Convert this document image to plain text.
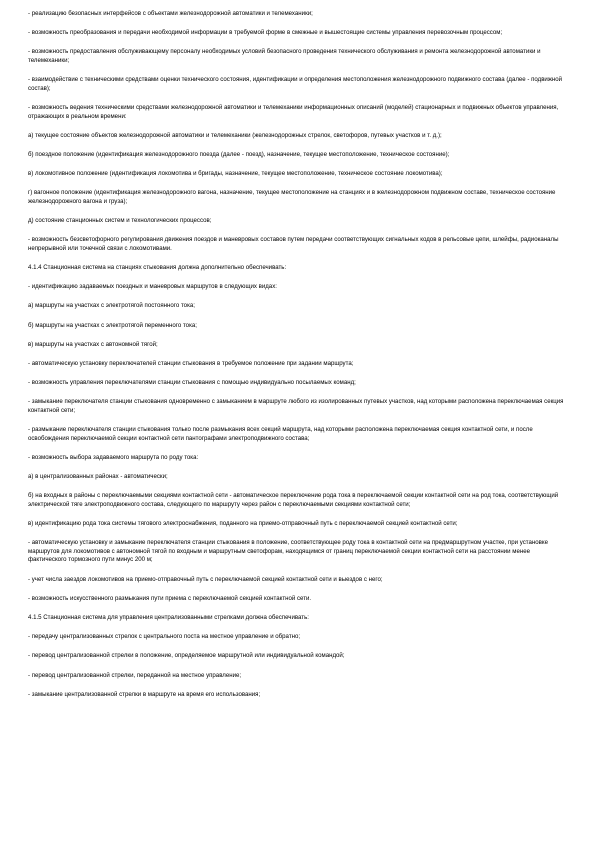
- реализацию безопасных интерфейсов с объектами железнодорожной автоматики и телемеханики;

- возможность преобразования и передачи необходимой информации в требуемой форме в смежные и вышестоящие системы управления перевозочным процессом;

- возможность предоставления обслуживающему персоналу необходимых условий безопасного проведения технического обслуживания и ремонта железнодорожной автоматики и телемеханики;

- взаимодействие с техническими средствами оценки технического состояния, идентификации и определения местоположения железнодорожного подвижного состава (далее - подвижной состав);

- возможность ведения техническими средствами железнодорожной автоматики и телемеханики информационных описаний (моделей) стационарных и подвижных объектов управления, отражающих в реальном времени:

а) текущее состояние объектов железнодорожной автоматики и телемеханики (железнодорожных стрелок, светофоров, путевых участков и т. д.);

б) поездное положение (идентификация железнодорожного поезда (далее - поезд), назначение, текущее местоположение, техническое состояние);

в) локомотивное положение (идентификация локомотива и бригады, назначение, текущее местоположение, техническое состояние локомотива);

г) вагонное положение (идентификация железнодорожного вагона, назначение, текущее местоположение на станциях и в железнодорожном подвижном составе, техническое состояние железнодорожного вагона и груза);

д) состояние станционных систем и технологических процессов;

- возможность безсветофорного регулирования движения поездов и маневровых составов путем передачи соответствующих сигнальных кодов в рельсовые цепи, шлейфы, радиоканалы непрерывной или точечной связи с локомотивами.

4.1.4 Станционная система на станциях стыкования должна дополнительно обеспечивать:

- идентификацию задаваемых поездных и маневровых маршрутов в следующих видах:

а) маршруты на участках с электротягой постоянного тока;

б) маршруты на участках с электротягой переменного тока;

в) маршруты на участках с автономной тягой;

- автоматическую установку переключателей станции стыкования в требуемое положение при задании маршрута;

- возможность управления переключателями станции стыкования с помощью индивидуально посылаемых команд;

- замыкание переключателя станции стыкования одновременно с замыканием в маршруте любого из изолированных путевых участков, над которыми расположена переключаемая секция контактной сети;

- размыкание переключателя станции стыкования только после размыкания всех секций маршрута, над которыми расположена переключаемая секция контактной сети, и после освобождения переключаемой секции контактной сети пантографами электроподвижного состава;

- возможность выбора задаваемого маршрута по роду тока:

а) в централизованных районах - автоматически;

б) на входных в районы с переключаемыми секциями контактной сети - автоматическое переключение рода тока в переключаемой секции контактной сети на род тока, соответствующий электрической тяге электроподвижного состава, следующего по маршруту через район с переключаемыми секциями контактной сети;

в) идентификацию рода тока системы тягового электроснабжения, поданного на приемо-отправочный путь с переключаемой секцией контактной сети;

- автоматическую установку и замыкание переключателя станции стыкования в положение, соответствующее роду тока в контактной сети на предмаршрутном участке, при установке маршрутов для локомотивов с автономной тягой по входным и маршрутным светофорам, находящимся от границ переключаемой секции контактной сети на расстоянии менее фактического тормозного пути минус 200 м;

- учет числа заездов локомотивов на приемо-отправочный путь с переключаемой секцией контактной сети и выездов с него;

- возможность искусственного размыкания пути приема с переключаемой секцией контактной сети.

4.1.5 Станционная система для управления централизованными стрелками должна обеспечивать:

- передачу централизованных стрелок с центрального поста на местное управление и обратно;

- перевод централизованной стрелки в положение, определяемое маршрутной или индивидуальной командой;

- перевод централизованной стрелки, переданной на местное управление;

- замыкание централизованной стрелки в маршруте на время его использования;
